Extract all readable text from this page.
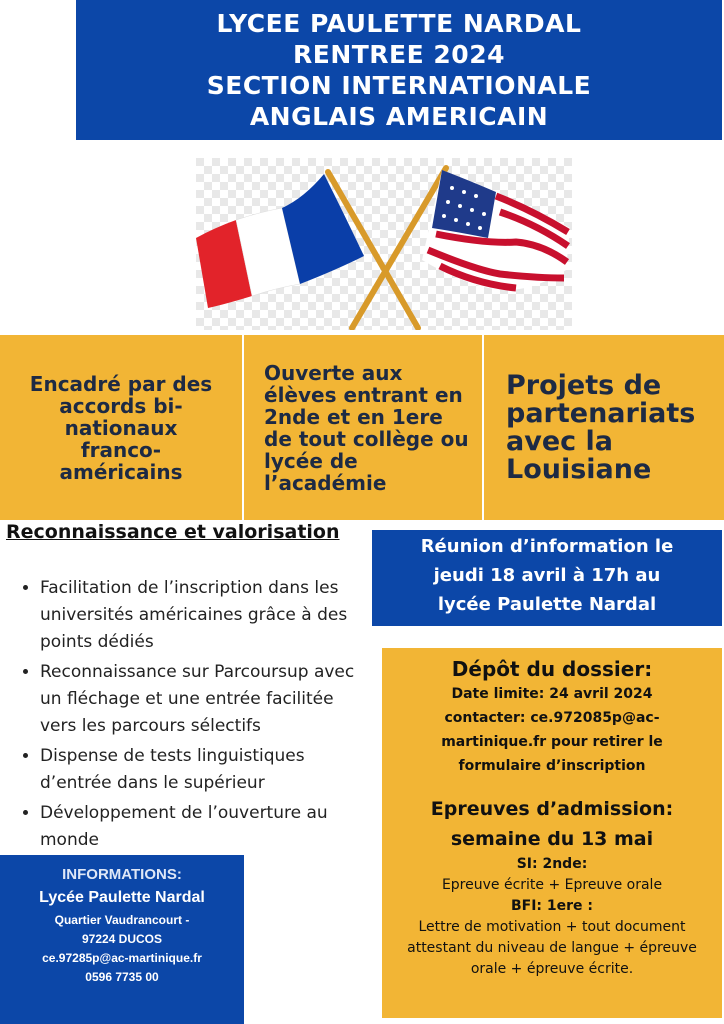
LYCEE PAULETTE NARDAL
RENTREE 2024
SECTION INTERNATIONALE
ANGLAIS AMERICAIN
Encadré par des
accords bi-
nationaux
franco-
américains
Ouverte aux
élèves entrant en
2nde et en 1ere
de tout collège ou
lycée de
l’académie
Projets de
partenariats
avec la
Louisiane
Reconnaissance et valorisation
• Facilitation de l’inscription dans les universités américaines grâce à des points dédiés
• Reconnaissance sur Parcoursup avec un fléchage et une entrée facilitée vers les parcours sélectifs
• Dispense de tests linguistiques d’entrée dans le supérieur
• Développement de l’ouverture au monde
Réunion d’information le
jeudi 18 avril à 17h au
lycée Paulette Nardal
Dépôt du dossier:
Date limite: 24 avril 2024
contacter: ce.972085p@ac-
martinique.fr pour retirer le
formulaire d’inscription
Epreuves d’admission:
semaine du 13 mai
SI: 2nde:
Epreuve écrite + Epreuve orale
BFI: 1ere :
Lettre de motivation + tout document
attestant du niveau de langue + épreuve
orale + épreuve écrite.
INFORMATIONS:
Lycée Paulette Nardal
Quartier Vaudrancourt -
97224 DUCOS
ce.97285p@ac-martinique.fr
0596 7735 00
